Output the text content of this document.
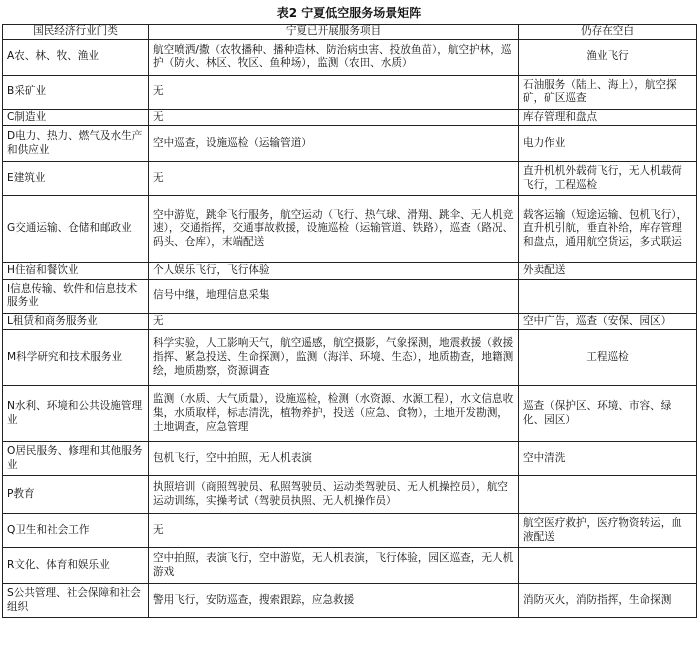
表2 宁夏低空服务场景矩阵
国民经济行业门类	宁夏已开展服务项目	仍存在空白
A农、林、牧、渔业	航空喷洒/撒（农牧播种、播种造林、防治病虫害、投放鱼苗），航空护林，巡护（防火、林区、牧区、鱼种场），监测（农田、水质）	渔业飞行
B采矿业	无	石油服务（陆上、海上），航空探矿，矿区巡查
C制造业	无	库存管理和盘点
D电力、热力、燃气及水生产和供应业	空中巡查，设施巡检（运输管道）	电力作业
E建筑业	无	直升机机外载荷飞行，无人机载荷飞行，工程巡检
G交通运输、仓储和邮政业	空中游览，跳伞飞行服务，航空运动（飞行、热气球、滑翔、跳伞、无人机竞速），交通指挥，交通事故救援，设施巡检（运输管道、铁路），巡查（路况、码头、仓库），末端配送	载客运输（短途运输、包机飞行），直升机引航，垂直补给，库存管理和盘点，通用航空货运，多式联运
H住宿和餐饮业	个人娱乐飞行，飞行体验	外卖配送
I信息传输、软件和信息技术服务业	信号中继，地理信息采集	
L租赁和商务服务业	无	空中广告，巡查（安保、园区）
M科学研究和技术服务业	科学实验，人工影响天气，航空遥感，航空摄影，气象探测，地震救援（救援指挥、紧急投送、生命探测），监测（海洋、环境、生态），地质勘查，地籍测绘，地质勘察，资源调查	工程巡检
N水利、环境和公共设施管理业	监测（水质、大气质量），设施巡检，检测（水资源、水源工程），水文信息收集，水质取样，标志清洗，植物养护，投送（应急、食物），土地开发勘测，土地调查，应急管理	巡查（保护区、环境、市容、绿化、园区）
O居民服务、修理和其他服务业	包机飞行，空中拍照，无人机表演	空中清洗
P教育	执照培训（商照驾驶员、私照驾驶员、运动类驾驶员、无人机操控员），航空运动训练，实操考试（驾驶员执照、无人机操作员）	
Q卫生和社会工作	无	航空医疗救护，医疗物资转运，血液配送
R文化、体育和娱乐业	空中拍照，表演飞行，空中游览，无人机表演，飞行体验，园区巡查，无人机游戏	
S公共管理、社会保障和社会组织	警用飞行，安防巡查，搜索跟踪，应急救援	消防灭火，消防指挥，生命探测
